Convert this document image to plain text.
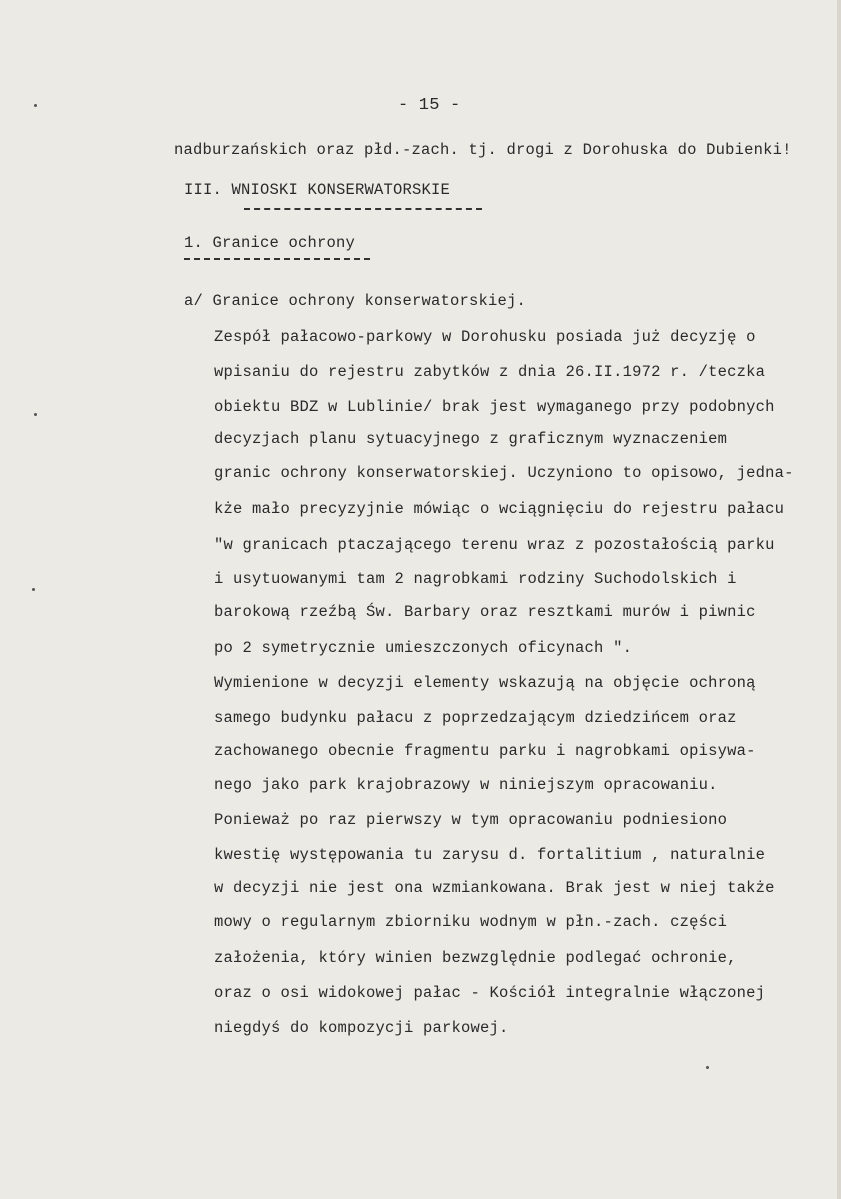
- 15 -
nadburzańskich oraz płd.-zach. tj. drogi z Dorohuska do Dubienki!
III. WNIOSKI KONSERWATORSKIE
1. Granice ochrony
a/ Granice ochrony konserwatorskiej.
Zespół pałacowo-parkowy w Dorohusku posiada już decyzję o
wpisaniu do rejestru zabytków z dnia 26.II.1972 r. /teczka
obiektu BDZ w Lublinie/ brak jest wymaganego przy podobnych
decyzjach planu sytuacyjnego z graficznym wyznaczeniem
granic ochrony konserwatorskiej. Uczyniono to opisowo, jedna-
kże mało precyzyjnie mówiąc o wciągnięciu do rejestru pałacu
"w granicach ptaczającego terenu wraz z pozostałością parku
i usytuowanymi tam 2 nagrobkami rodziny Suchodolskich i
barokową rzeźbą Św. Barbary oraz resztkami murów i piwnic
po 2 symetrycznie umieszczonych oficynach ".
Wymienione w decyzji elementy wskazują na objęcie ochroną
samego budynku pałacu z poprzedzającym dziedzińcem oraz
zachowanego obecnie fragmentu parku i nagrobkami opisywa-
nego jako park krajobrazowy w niniejszym opracowaniu.
Ponieważ po raz pierwszy w tym opracowaniu podniesiono
kwestię występowania tu zarysu d. fortalitium , naturalnie
w decyzji nie jest ona wzmiankowana. Brak jest w niej także
mowy o regularnym zbiorniku wodnym w płn.-zach. części
założenia, który winien bezwzględnie podlegać ochronie,
oraz o osi widokowej pałac - Kościół integralnie włączonej
niegdyś do kompozycji parkowej.
